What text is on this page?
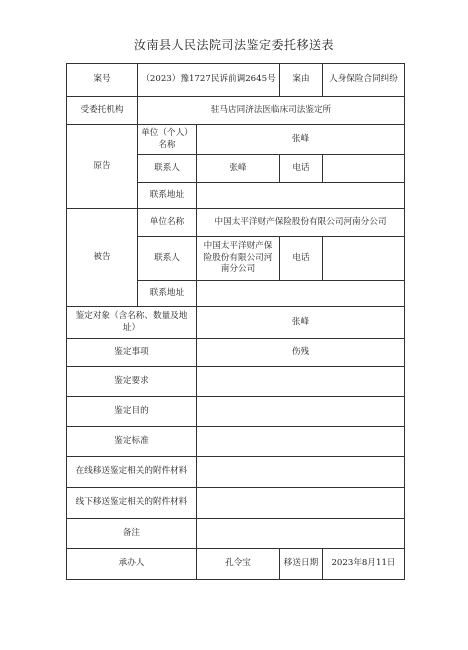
汝南县人民法院司法鉴定委托移送表
案号	（2023）豫1727民诉前调2645号		案由	人身保险合同纠纷
受委托机构	驻马店同济法医临床司法鉴定所			
原告	单位（个人）名称	张峰		
	联系人	张峰	电话	
	联系地址			
被告	单位名称	中国太平洋财产保险股份有限公司河南分公司		
	联系人	中国太平洋财产保险股份有限公司河南分公司	电话	
	联系地址			
鉴定对象（含名称、数量及地址）		张峰		
鉴定事项		伤残		
鉴定要求				
鉴定目的				
鉴定标准				
在线移送鉴定相关的附件材料				
线下移送鉴定相关的附件材料				
备注				
承办人		孔令宝	移送日期	2023年8月11日
